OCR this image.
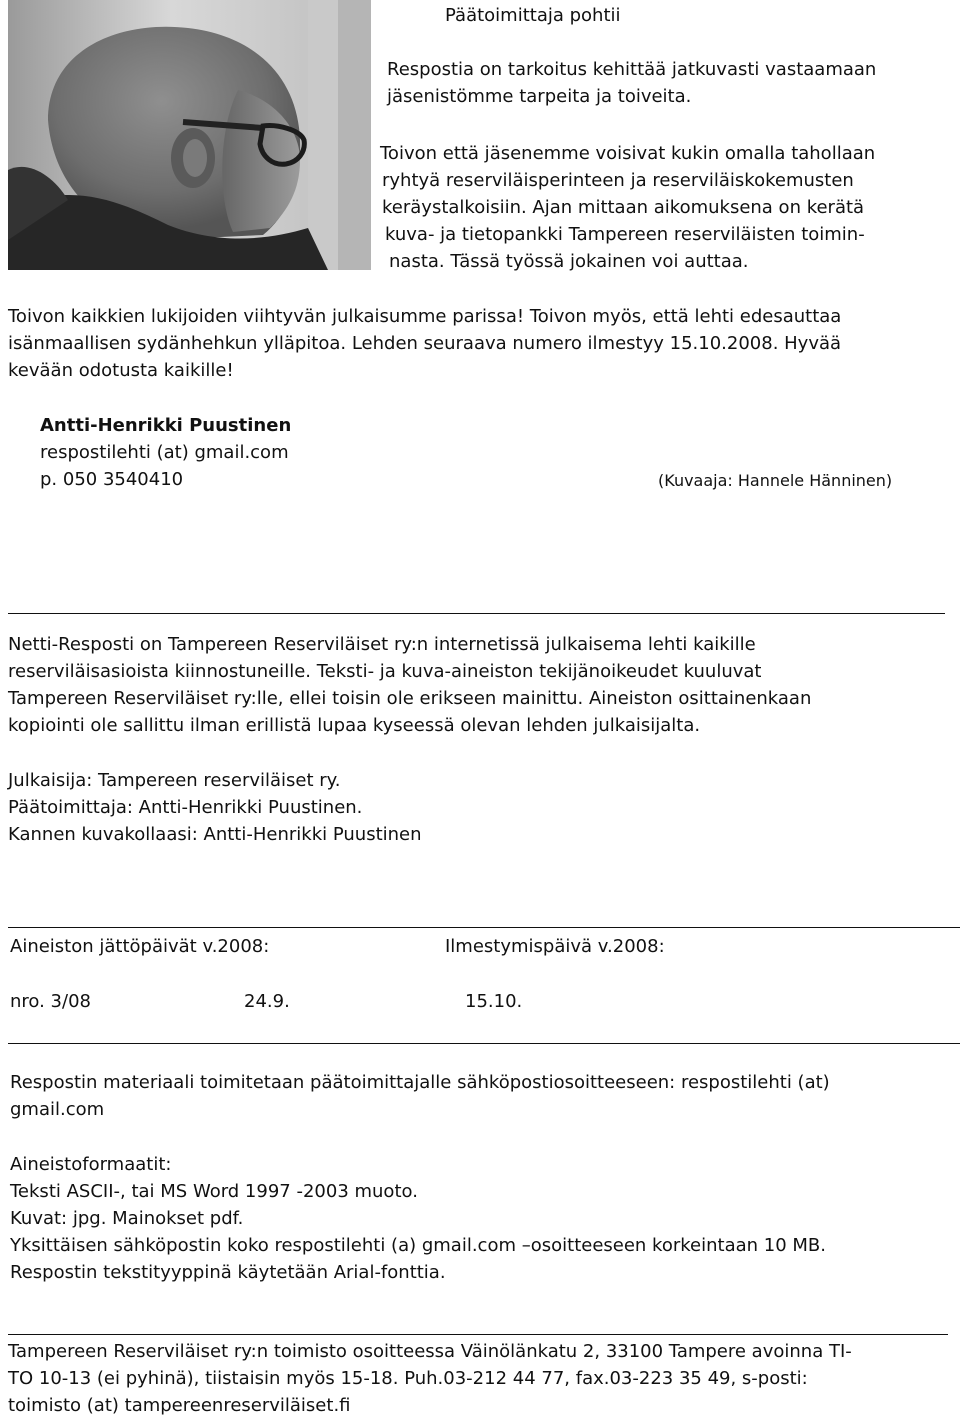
Päätoimittaja pohtii
Respostia on tarkoitus kehittää jatkuvasti vastaamaan
jäsenistömme tarpeita ja toiveita.
Toivon että jäsenemme voisivat kukin omalla tahollaan
ryhtyä reserviläisperinteen ja reserviläiskokemusten
keräystalkoisiin. Ajan mittaan aikomuksena on kerätä
kuva- ja tietopankki Tampereen reserviläisten toimin-
nasta. Tässä työssä jokainen voi auttaa.
Toivon kaikkien lukijoiden viihtyvän julkaisumme parissa! Toivon myös, että lehti edesauttaa
isänmaallisen sydänhehkun ylläpitoa. Lehden seuraava numero ilmestyy 15.10.2008. Hyvää
kevään odotusta kaikille!
Antti-Henrikki Puustinen
respostilehti (at) gmail.com
p. 050 3540410	(Kuvaaja: Hannele Hänninen)
Netti-Resposti on Tampereen Reserviläiset ry:n internetissä julkaisema lehti kaikille
reserviläisasioista kiinnostuneille. Teksti- ja kuva-aineiston tekijänoikeudet kuuluvat
Tampereen Reserviläiset ry:lle, ellei toisin ole erikseen mainittu. Aineiston osittainenkaan
kopiointi ole sallittu ilman erillistä lupaa kyseessä olevan lehden julkaisijalta.
Julkaisija: Tampereen reserviläiset ry.
Päätoimittaja: Antti-Henrikki Puustinen.
Kannen kuvakollaasi: Antti-Henrikki Puustinen
Aineiston jättöpäivät v.2008:	Ilmestymispäivä v.2008:
nro. 3/08	24.9.	15.10.
Respostin materiaali toimitetaan päätoimittajalle sähköpostiosoitteeseen: respostilehti (at)
gmail.com
Aineistoformaatit:
Teksti ASCII-, tai MS Word 1997 -2003 muoto.
Kuvat: jpg. Mainokset pdf.
Yksittäisen sähköpostin koko respostilehti (a) gmail.com –osoitteeseen korkeintaan 10 MB.
Respostin tekstityyppinä käytetään Arial-fonttia.
Tampereen Reserviläiset ry:n toimisto osoitteessa Väinölänkatu 2, 33100 Tampere avoinna TI-
TO 10-13 (ei pyhinä), tiistaisin myös 15-18. Puh.03-212 44 77, fax.03-223 35 49, s-posti:
toimisto (at) tampereenreserviläiset.fi
